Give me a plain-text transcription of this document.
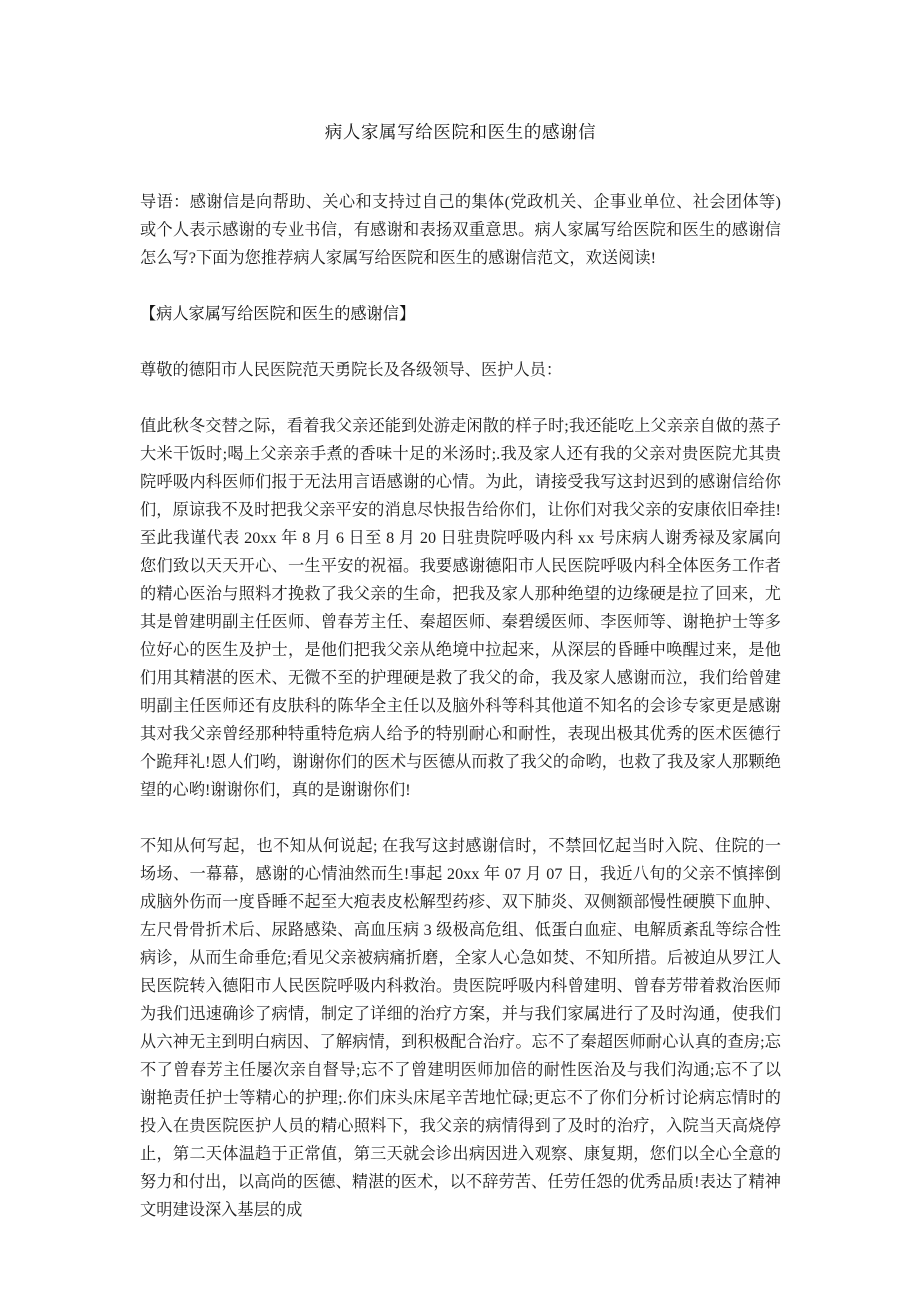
病人家属写给医院和医生的感谢信

导语：感谢信是向帮助、关心和支持过自己的集体(党政机关、企事业单位、社会团体等)或个人表示感谢的专业书信，有感谢和表扬双重意思。病人家属写给医院和医生的感谢信怎么写?下面为您推荐病人家属写给医院和医生的感谢信范文，欢送阅读!

【病人家属写给医院和医生的感谢信】

尊敬的德阳市人民医院范天勇院长及各级领导、医护人员：

值此秋冬交替之际，看着我父亲还能到处游走闲散的样子时;我还能吃上父亲亲自做的蒸子大米干饭时;喝上父亲亲手煮的香味十足的米汤时;.我及家人还有我的父亲对贵医院尤其贵院呼吸内科医师们报于无法用言语感谢的心情。为此，请接受我写这封迟到的感谢信给你们，原谅我不及时把我父亲平安的消息尽快报告给你们，让你们对我父亲的安康依旧牵挂!至此我谨代表 20xx 年 8 月 6 日至 8 月 20 日驻贵院呼吸内科 xx 号床病人谢秀禄及家属向您们致以天天开心、一生平安的祝福。我要感谢德阳市人民医院呼吸内科全体医务工作者的精心医治与照料才挽救了我父亲的生命，把我及家人那种绝望的边缘硬是拉了回来，尤其是曾建明副主任医师、曾春芳主任、秦超医师、秦碧缓医师、李医师等、谢艳护士等多位好心的医生及护士，是他们把我父亲从绝境中拉起来，从深层的昏睡中唤醒过来，是他们用其精湛的医术、无微不至的护理硬是救了我父的命，我及家人感谢而泣，我们给曾建明副主任医师还有皮肤科的陈华全主任以及脑外科等科其他道不知名的会诊专家更是感谢其对我父亲曾经那种特重特危病人给予的特别耐心和耐性，表现出极其优秀的医术医德行个跪拜礼!恩人们哟，谢谢你们的医术与医德从而救了我父的命哟，也救了我及家人那颗绝望的心哟!谢谢你们，真的是谢谢你们!

不知从何写起，也不知从何说起; 在我写这封感谢信时，不禁回忆起当时入院、住院的一场场、一幕幕，感谢的心情油然而生!事起 20xx 年 07 月 07 日，我近八旬的父亲不慎摔倒成脑外伤而一度昏睡不起至大疱表皮松解型药疹、双下肺炎、双侧额部慢性硬膜下血肿、左尺骨骨折术后、尿路感染、高血压病 3 级极高危组、低蛋白血症、电解质紊乱等综合性病诊，从而生命垂危;看见父亲被病痛折磨，全家人心急如焚、不知所措。后被迫从罗江人民医院转入德阳市人民医院呼吸内科救治。贵医院呼吸内科曾建明、曾春芳带着救治医师为我们迅速确诊了病情，制定了详细的治疗方案，并与我们家属进行了及时沟通，使我们从六神无主到明白病因、了解病情，到积极配合治疗。忘不了秦超医师耐心认真的查房;忘不了曾春芳主任屡次亲自督导;忘不了曾建明医师加倍的耐性医治及与我们沟通;忘不了以谢艳责任护士等精心的护理;.你们床头床尾辛苦地忙碌;更忘不了你们分析讨论病忘情时的投入在贵医院医护人员的精心照料下，我父亲的病情得到了及时的治疗，入院当天高烧停止，第二天体温趋于正常值，第三天就会诊出病因进入观察、康复期，您们以全心全意的努力和付出，以高尚的医德、精湛的医术，以不辞劳苦、任劳任怨的优秀品质!表达了精神文明建设深入基层的成
